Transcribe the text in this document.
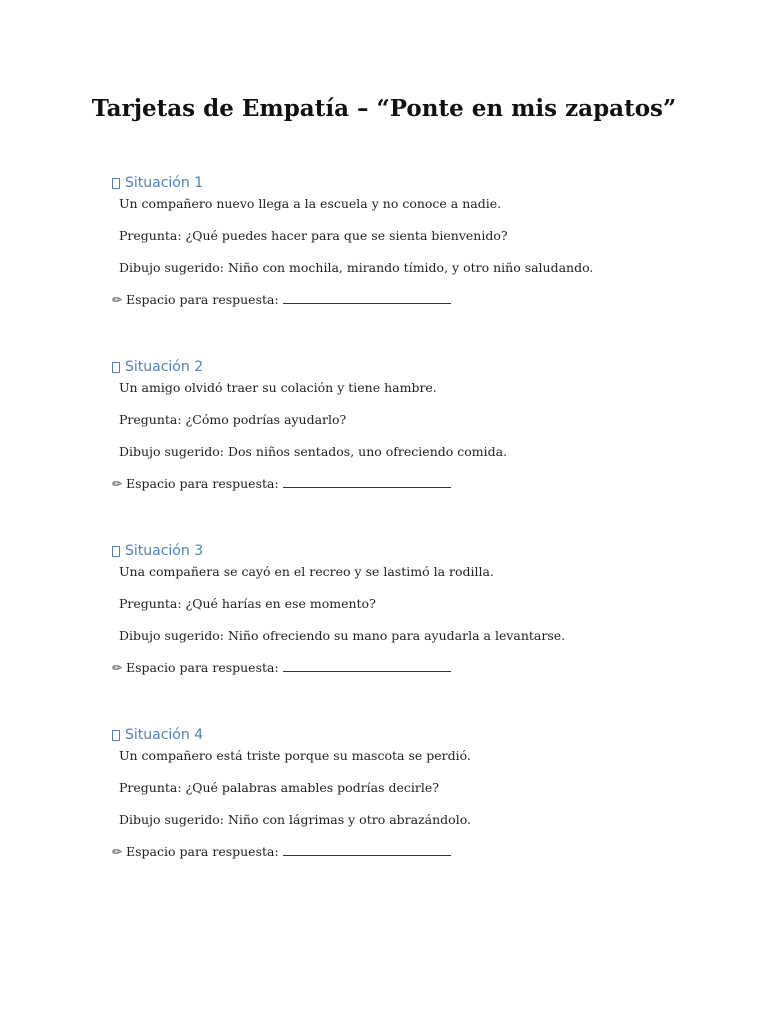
Tarjetas de Empatía – “Ponte en mis zapatos”
Situación 1

Un compañero nuevo llega a la escuela y no conoce a nadie.

Pregunta: ¿Qué puedes hacer para que se sienta bienvenido?

Dibujo sugerido: Niño con mochila, mirando tímido, y otro niño saludando.

✏ Espacio para respuesta:
Situación 2

Un amigo olvidó traer su colación y tiene hambre.

Pregunta: ¿Cómo podrías ayudarlo?

Dibujo sugerido: Dos niños sentados, uno ofreciendo comida.

✏ Espacio para respuesta:
Situación 3

Una compañera se cayó en el recreo y se lastimó la rodilla.

Pregunta: ¿Qué harías en ese momento?

Dibujo sugerido: Niño ofreciendo su mano para ayudarla a levantarse.

✏ Espacio para respuesta:
Situación 4

Un compañero está triste porque su mascota se perdió.

Pregunta: ¿Qué palabras amables podrías decirle?

Dibujo sugerido: Niño con lágrimas y otro abrazándolo.

✏ Espacio para respuesta:
